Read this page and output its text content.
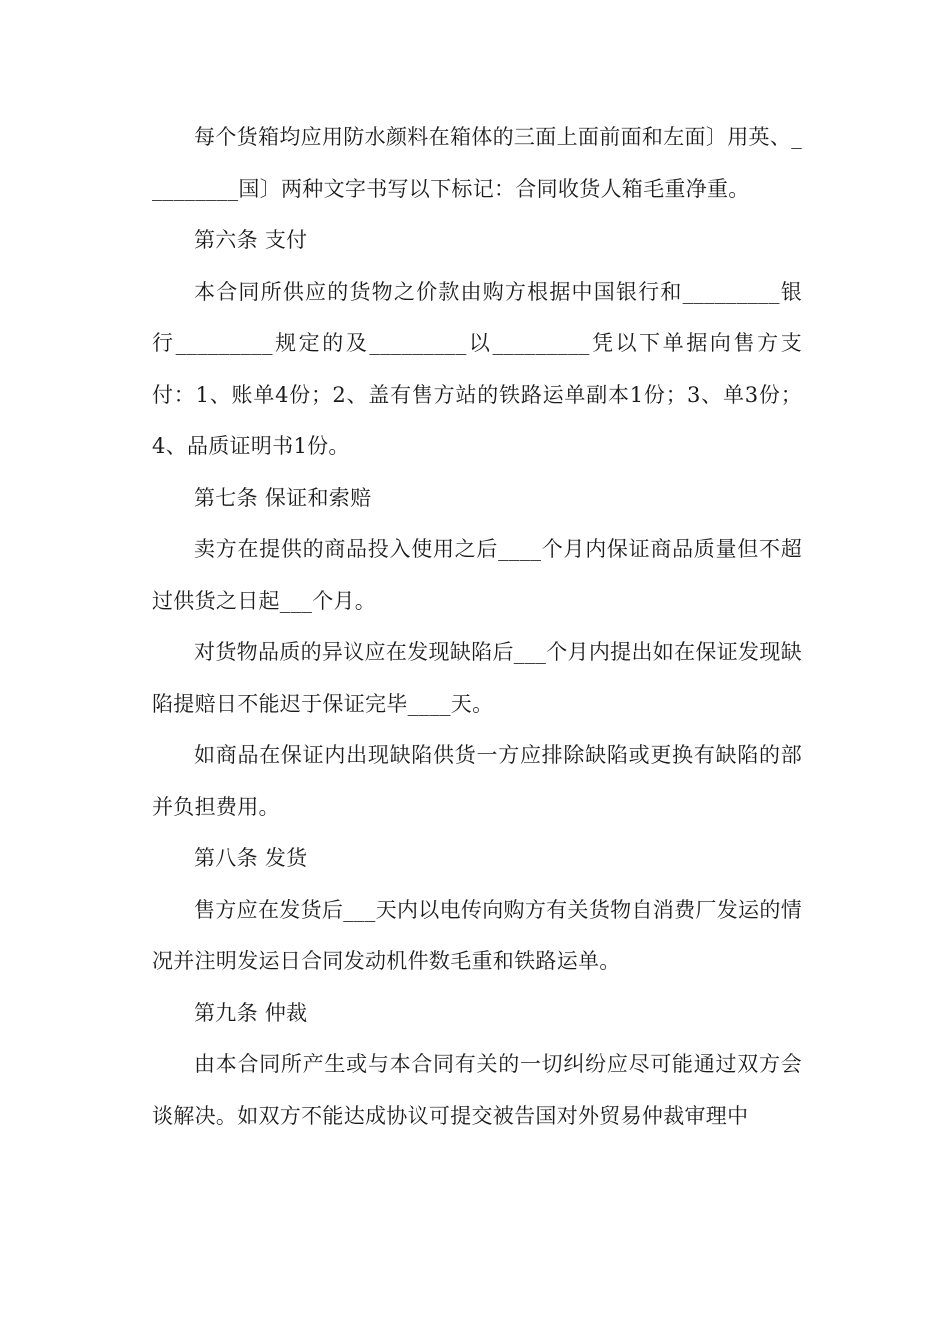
每个货箱均应用防水颜料在箱体的三面上面前面和左面〕用英、_________国〕两种文字书写以下标记：合同收货人箱毛重净重。

第六条 支付

本合同所供应的货物之价款由购方根据中国银行和_________银行_________规定的及_________以_________凭以下单据向售方支付：1、账单4份；2、盖有售方站的铁路运单副本1份；3、单3份；4、品质证明书1份。

第七条 保证和索赔

卖方在提供的商品投入使用之后____个月内保证商品质量但不超过供货之日起___个月。

对货物品质的异议应在发现缺陷后___个月内提出如在保证发现缺陷提赔日不能迟于保证完毕____天。

如商品在保证内出现缺陷供货一方应排除缺陷或更换有缺陷的部并负担费用。

第八条 发货

售方应在发货后___天内以电传向购方有关货物自消费厂发运的情况并注明发运日合同发动机件数毛重和铁路运单。

第九条 仲裁

由本合同所产生或与本合同有关的一切纠纷应尽可能通过双方会谈解决。如双方不能达成协议可提交被告国对外贸易仲裁审理中
